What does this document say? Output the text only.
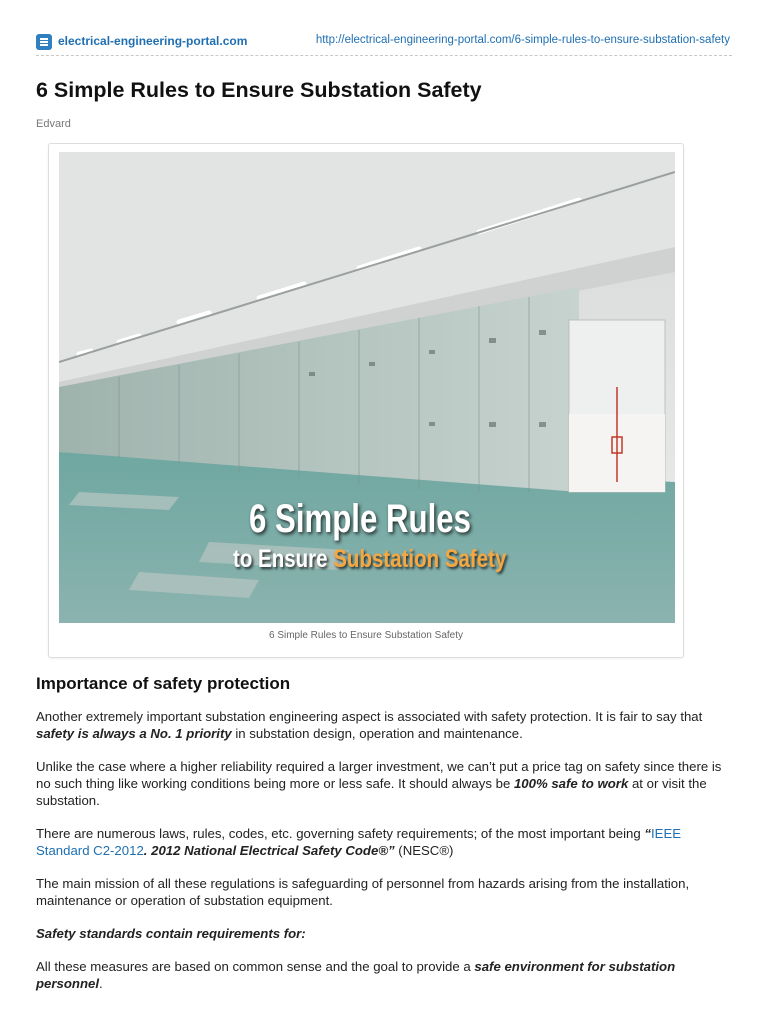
electrical-engineering-portal.com	http://electrical-engineering-portal.com/6-simple-rules-to-ensure-substation-safety
6 Simple Rules to Ensure Substation Safety
Edvard
6 Simple Rules
to Ensure Substation Safety
6 Simple Rules to Ensure Substation Safety
Importance of safety protection

Another extremely important substation engineering aspect is associated with safety protection. It is fair to say that safety is always a No. 1 priority in substation design, operation and maintenance.

Unlike the case where a higher reliability required a larger investment, we can’t put a price tag on safety since there is no such thing like working conditions being more or less safe. It should always be 100% safe to work at or visit the substation.

There are numerous laws, rules, codes, etc. governing safety requirements; of the most important being “IEEE Standard C2-2012. 2012 National Electrical Safety Code®” (NESC®)

The main mission of all these regulations is safeguarding of personnel from hazards arising from the installation, maintenance or operation of substation equipment.

Safety standards contain requirements for:

All these measures are based on common sense and the goal to provide a safe environment for substation personnel.
